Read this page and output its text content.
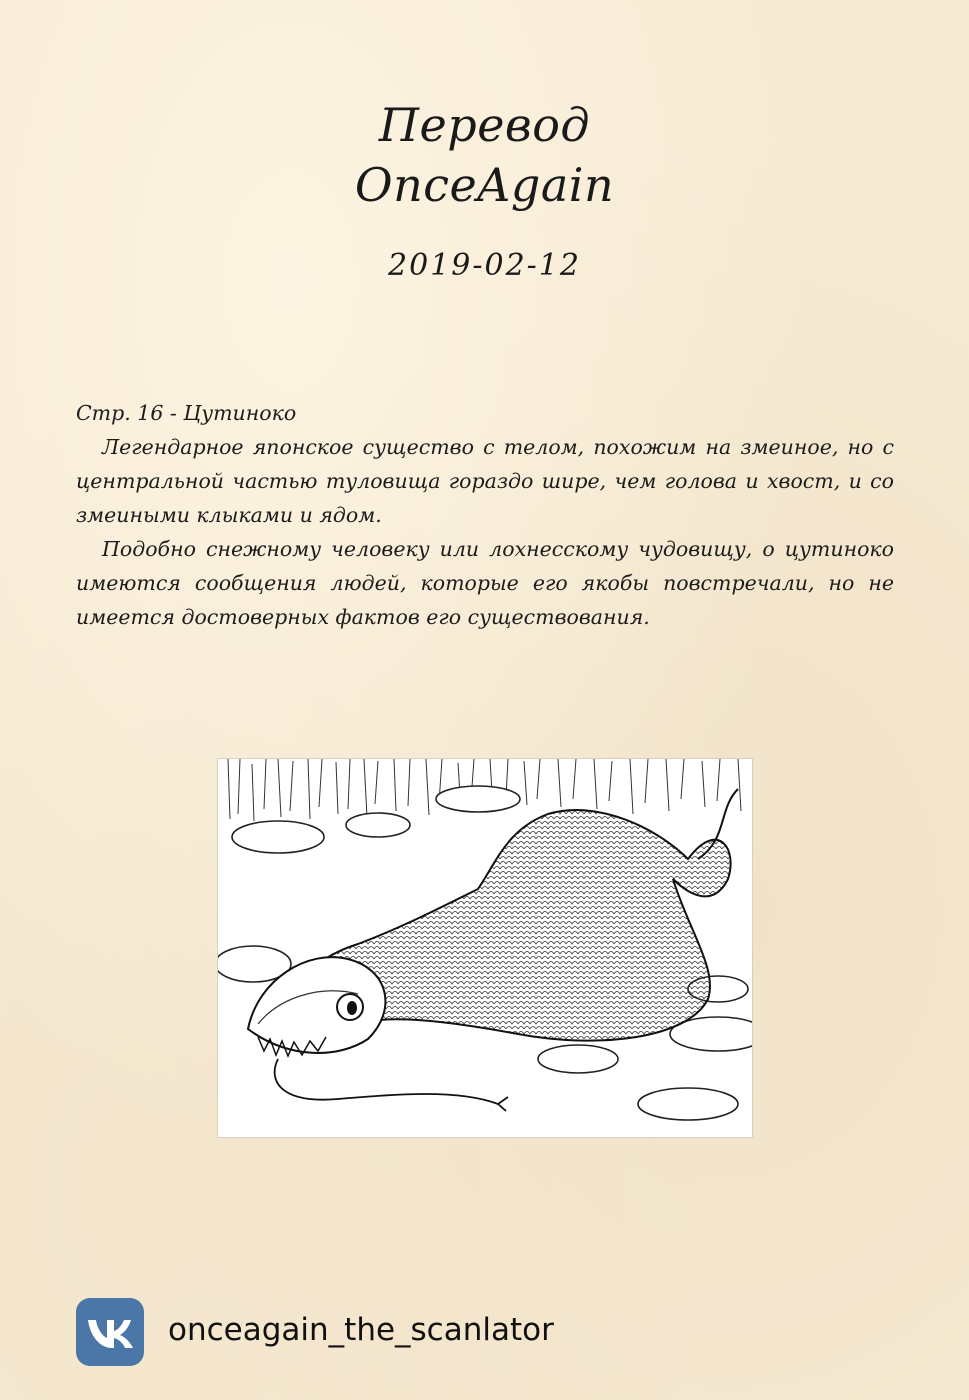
Перевод
OnceAgain
2019-02-12
Стр. 16 - Цутиноко

Легендарное японское существо с телом, похожим на змеиное, но с центральной частью туловища гораздо шире, чем голова и хвост, и со змеиными клыками и ядом.

Подобно снежному человеку или лохнесскому чудовищу, о цутиноко имеются сообщения людей, которые его якобы повстречали, но не имеется достоверных фактов его существования.

onceagain_the_scanlator
